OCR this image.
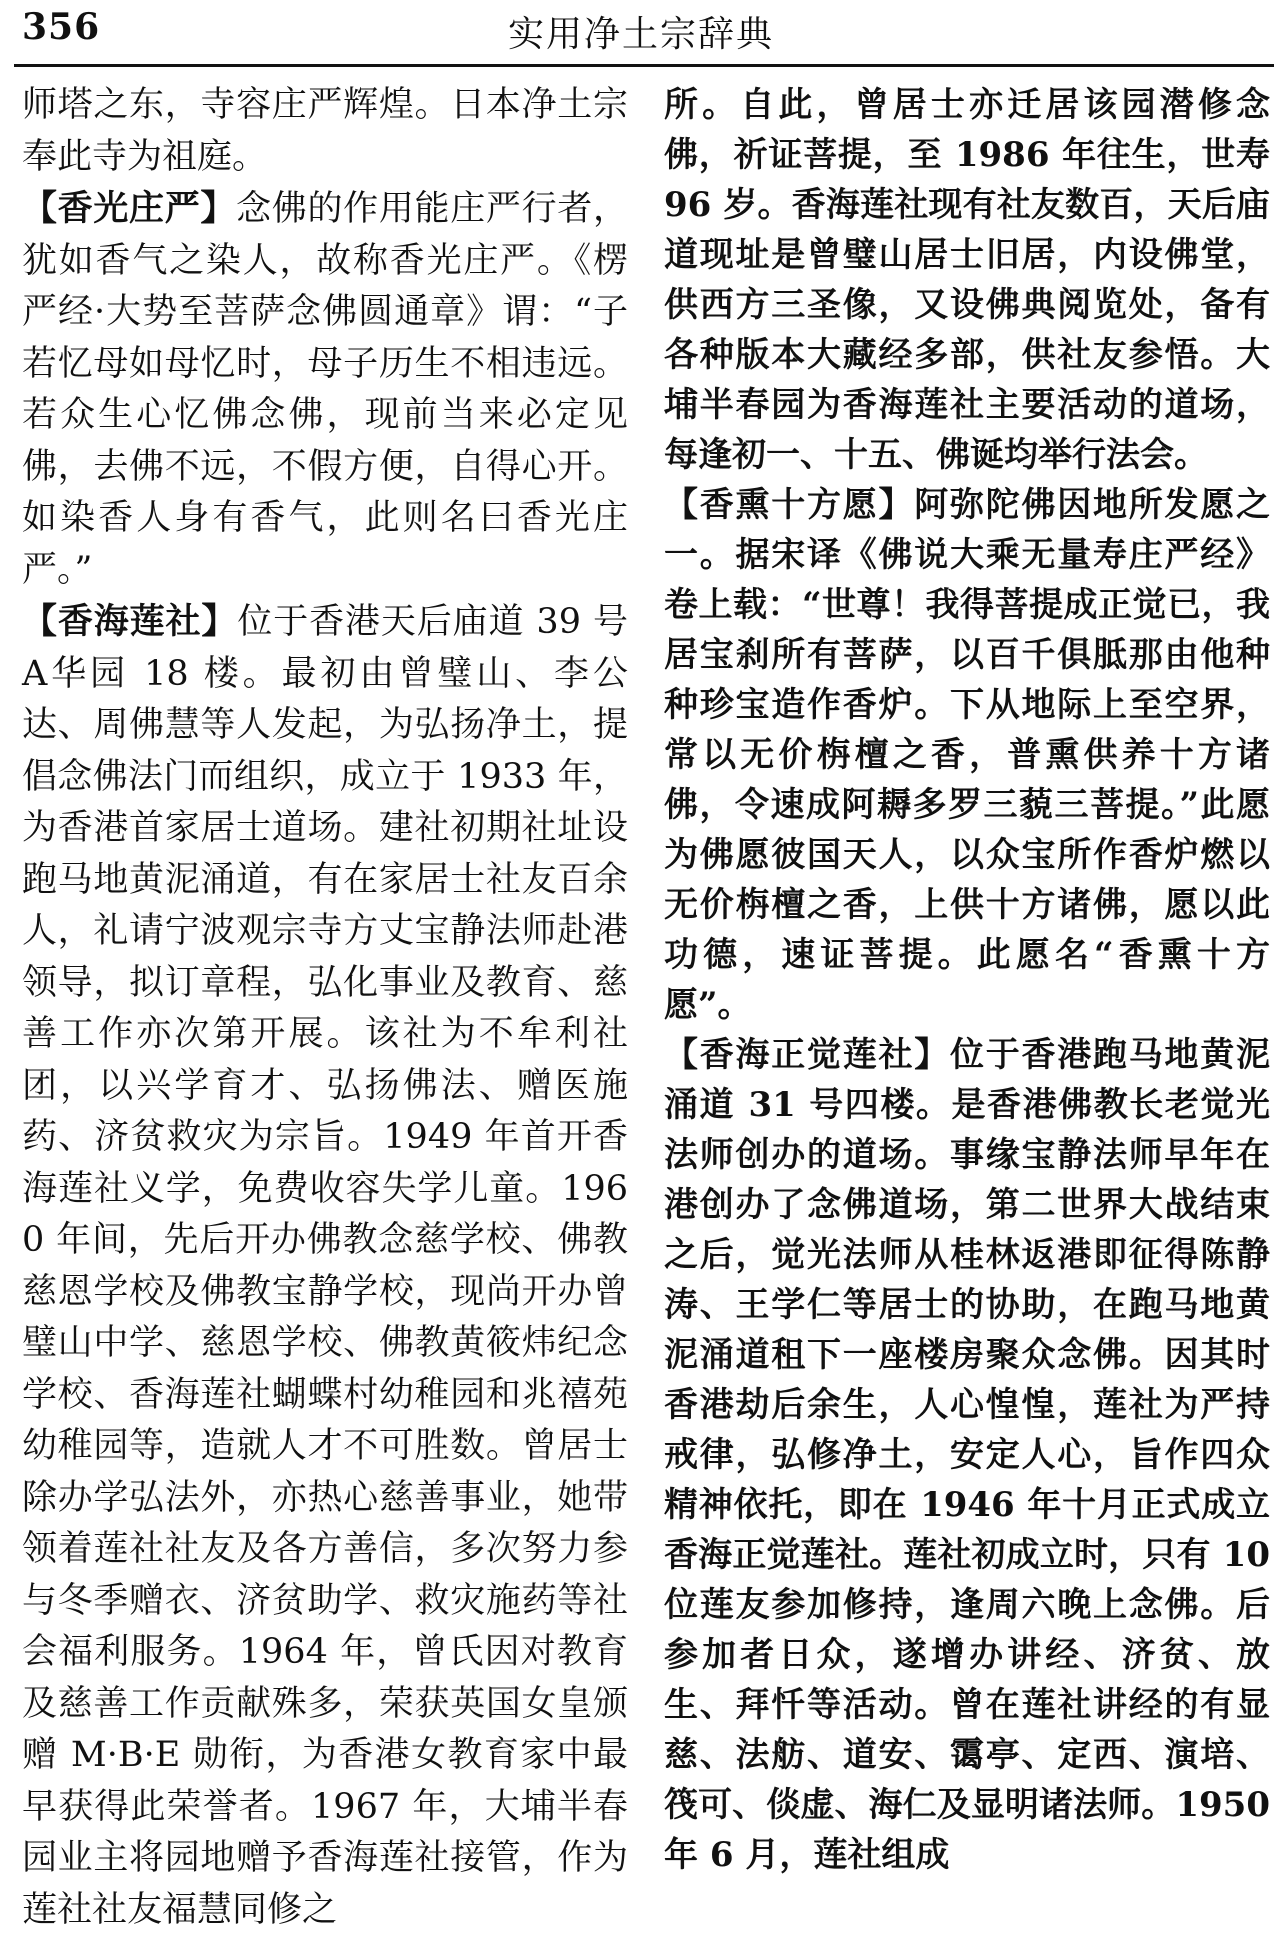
356	实用净土宗辞典

师塔之东，寺容庄严辉煌。日本净土宗奉此寺为祖庭。

【香光庄严】念佛的作用能庄严行者，犹如香气之染人，故称香光庄严。《楞严经·大势至菩萨念佛圆通章》谓：“子若忆母如母忆时，母子历生不相违远。若众生心忆佛念佛，现前当来必定见佛，去佛不远，不假方便，自得心开。如染香人身有香气，此则名曰香光庄严。”

【香海莲社】位于香港天后庙道 39 号 A华园 18 楼。最初由曾璧山、李公达、周佛慧等人发起，为弘扬净土，提倡念佛法门而组织，成立于 1933 年，为香港首家居士道场。建社初期社址设跑马地黄泥涌道，有在家居士社友百余人，礼请宁波观宗寺方丈宝静法师赴港领导，拟订章程，弘化事业及教育、慈善工作亦次第开展。该社为不牟利社团，以兴学育才、弘扬佛法、赠医施药、济贫救灾为宗旨。1949 年首开香海莲社义学，免费收容失学儿童。1960 年间，先后开办佛教念慈学校、佛教慈恩学校及佛教宝静学校，现尚开办曾璧山中学、慈恩学校、佛教黄筱炜纪念学校、香海莲社蝴蝶村幼稚园和兆禧苑幼稚园等，造就人才不可胜数。曾居士除办学弘法外，亦热心慈善事业，她带领着莲社社友及各方善信，多次努力参与冬季赠衣、济贫助学、救灾施药等社会福利服务。1964 年，曾氏因对教育及慈善工作贡献殊多，荣获英国女皇颁赠 M·B·E 勋衔，为香港女教育家中最早获得此荣誉者。1967 年，大埔半春园业主将园地赠予香海莲社接管，作为莲社社友福慧同修之

所。自此，曾居士亦迁居该园潜修念佛，祈证菩提，至 1986 年往生，世寿 96 岁。香海莲社现有社友数百，天后庙道现址是曾璧山居士旧居，内设佛堂，供西方三圣像，又设佛典阅览处，备有各种版本大藏经多部，供社友参悟。大埔半春园为香海莲社主要活动的道场，每逢初一、十五、佛诞均举行法会。

【香熏十方愿】阿弥陀佛因地所发愿之一。据宋译《佛说大乘无量寿庄严经》卷上载：“世尊！我得菩提成正觉已，我居宝刹所有菩萨，以百千俱胝那由他种种珍宝造作香炉。下从地际上至空界，常以无价栴檀之香，普熏供养十方诸佛，令速成阿耨多罗三藐三菩提。”此愿为佛愿彼国天人，以众宝所作香炉燃以无价栴檀之香，上供十方诸佛，愿以此功德，速证菩提。此愿名“香熏十方愿”。

【香海正觉莲社】位于香港跑马地黄泥涌道 31 号四楼。是香港佛教长老觉光法师创办的道场。事缘宝静法师早年在港创办了念佛道场，第二世界大战结束之后，觉光法师从桂林返港即征得陈静涛、王学仁等居士的协助，在跑马地黄泥涌道租下一座楼房聚众念佛。因其时香港劫后余生，人心惶惶，莲社为严持戒律，弘修净土，安定人心，旨作四众精神依托，即在 1946 年十月正式成立香海正觉莲社。莲社初成立时，只有 10 位莲友参加修持，逢周六晚上念佛。后参加者日众，遂增办讲经、济贫、放生、拜忏等活动。曾在莲社讲经的有显慈、法舫、道安、霭亭、定西、演培、筏可、倓虚、海仁及显明诸法师。1950 年 6 月，莲社组成
